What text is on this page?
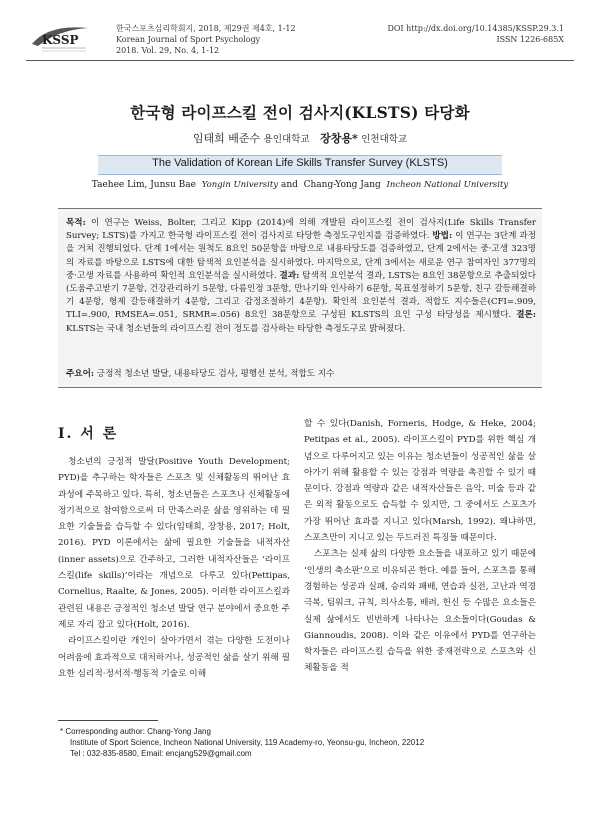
KSSP
한국스포츠심리학회지, 2018, 제29권 제4호, 1-12
Korean Journal of Sport Psychology
2018. Vol. 29, No. 4, 1-12
DOI http://dx.doi.org/10.14385/KSSP.29.3.1
ISSN 1226-685X
한국형 라이프스킬 전이 검사지(KLSTS) 타당화
임태희 배준수 용인대학교 장창용* 인천대학교
The Validation of Korean Life Skills Transfer Survey (KLSTS)
Taehee Lim, Junsu Bae Yongin University and Chang-Yong Jang Incheon National University
목적: 이 연구는 Weiss, Bolter, 그리고 Kipp (2014)에 의해 개발된 라이프스킬 전이 검사지(Life Skills Transfer Survey; LSTS)를 가지고 한국형 라이프스킬 전이 검사지로 타당한 측정도구인지를 검증하였다. 방법: 이 연구는 3단계 과정을 거쳐 진행되었다. 단계 1에서는 원척도 8요인 50문항을 바탕으로 내용타당도를 검증하였고, 단계 2에서는 중·고생 323명의 자료를 바탕으로 LSTS에 대한 탐색적 요인분석을 실시하였다. 마지막으로, 단계 3에서는 새로운 연구 참여자인 377명의 중·고생 자료를 사용하여 확인적 요인분석을 실시하였다. 결과: 탐색적 요인분석 결과, LSTS는 8요인 38문항으로 추출되었다(도움주고받기 7문항, 건강관리하기 5문항, 다름인정 3문항, 만나기와 인사하기 6문항, 목표설정하기 5문항, 친구 갈등해결하기 4문항, 형제 갈등해결하기 4문항, 그리고 감정조절하기 4문항). 확인적 요인분석 결과, 적합도 지수들은(CFI=.909, TLI=.900, RMSEA=.051, SRMR=.056) 8요인 38문항으로 구성된 KLSTS의 요인 구성 타당성을 제시했다. 결론: KLSTS는 국내 청소년들의 라이프스킬 전이 정도를 검사하는 타당한 측정도구로 밝혀졌다.
주요어: 긍정적 청소년 발달, 내용타당도 검사, 평행선 분석, 적합도 지수
I. 서 론

청소년의 긍정적 발달(Positive Youth Development; PYD)을 추구하는 학자들은 스포츠 및 신체활동의 뛰어난 효과성에 주목하고 있다. 특히, 청소년들은 스포츠나 신체활동에 정기적으로 참여함으로써 더 만족스러운 삶을 영위하는 데 필요한 기술들을 습득할 수 있다(임태희, 장창용, 2017; Holt, 2016). PYD 이론에서는 삶에 필요한 기술들을 내적자산(inner assets)으로 간주하고, 그러한 내적자산들은 ‘라이프스킬(life skills)’이라는 개념으로 다루고 있다(Pettipas, Cornelius, Raalte, & Jones, 2005). 이러한 라이프스킬과 관련된 내용은 긍정적인 청소년 발달 연구 분야에서 중요한 주제로 자리 잡고 있다(Holt, 2016).

라이프스킬이란 개인이 살아가면서 겪는 다양한 도전이나 어려움에 효과적으로 대처하거나, 성공적인 삶을 살기 위해 필요한 심리적·정서적·행동적 기술로 이해

할 수 있다(Danish, Forneris, Hodge, & Heke, 2004; Petitpas et al., 2005). 라이프스킬이 PYD를 위한 핵심 개념으로 다루어지고 있는 이유는 청소년들이 성공적인 삶을 살아가기 위해 활용할 수 있는 강점과 역량을 촉진할 수 있기 때문이다. 강점과 역량과 같은 내적자산들은 음악, 미술 등과 같은 외적 활동으로도 습득할 수 있지만, 그 중에서도 스포츠가 가장 뛰어난 효과를 지니고 있다(Marsh, 1992). 왜냐하면, 스포츠만이 지니고 있는 두드러진 특징들 때문이다.

스포츠는 실제 삶의 다양한 요소들을 내포하고 있기 때문에 ‘인생의 축소판’으로 비유되곤 한다. 예를 들어, 스포츠를 통해 경험하는 성공과 실패, 승리와 패배, 연습과 실전, 고난과 역경 극복, 팀워크, 규칙, 의사소통, 배려, 헌신 등 수많은 요소들은 실제 삶에서도 빈번하게 나타나는 요소들이다(Goudas & Giannoudis, 2008). 이와 같은 이유에서 PYD를 연구하는 학자들은 라이프스킬 습득을 위한 중재전략으로 스포츠와 신체활동을 적

* Corresponding author: Chang-Yong Jang
Institute of Sport Science, Incheon National University, 119 Academy-ro, Yeonsu-gu, Incheon, 22012
Tel : 032-835-8580, Email: encjang529@gmail.com
